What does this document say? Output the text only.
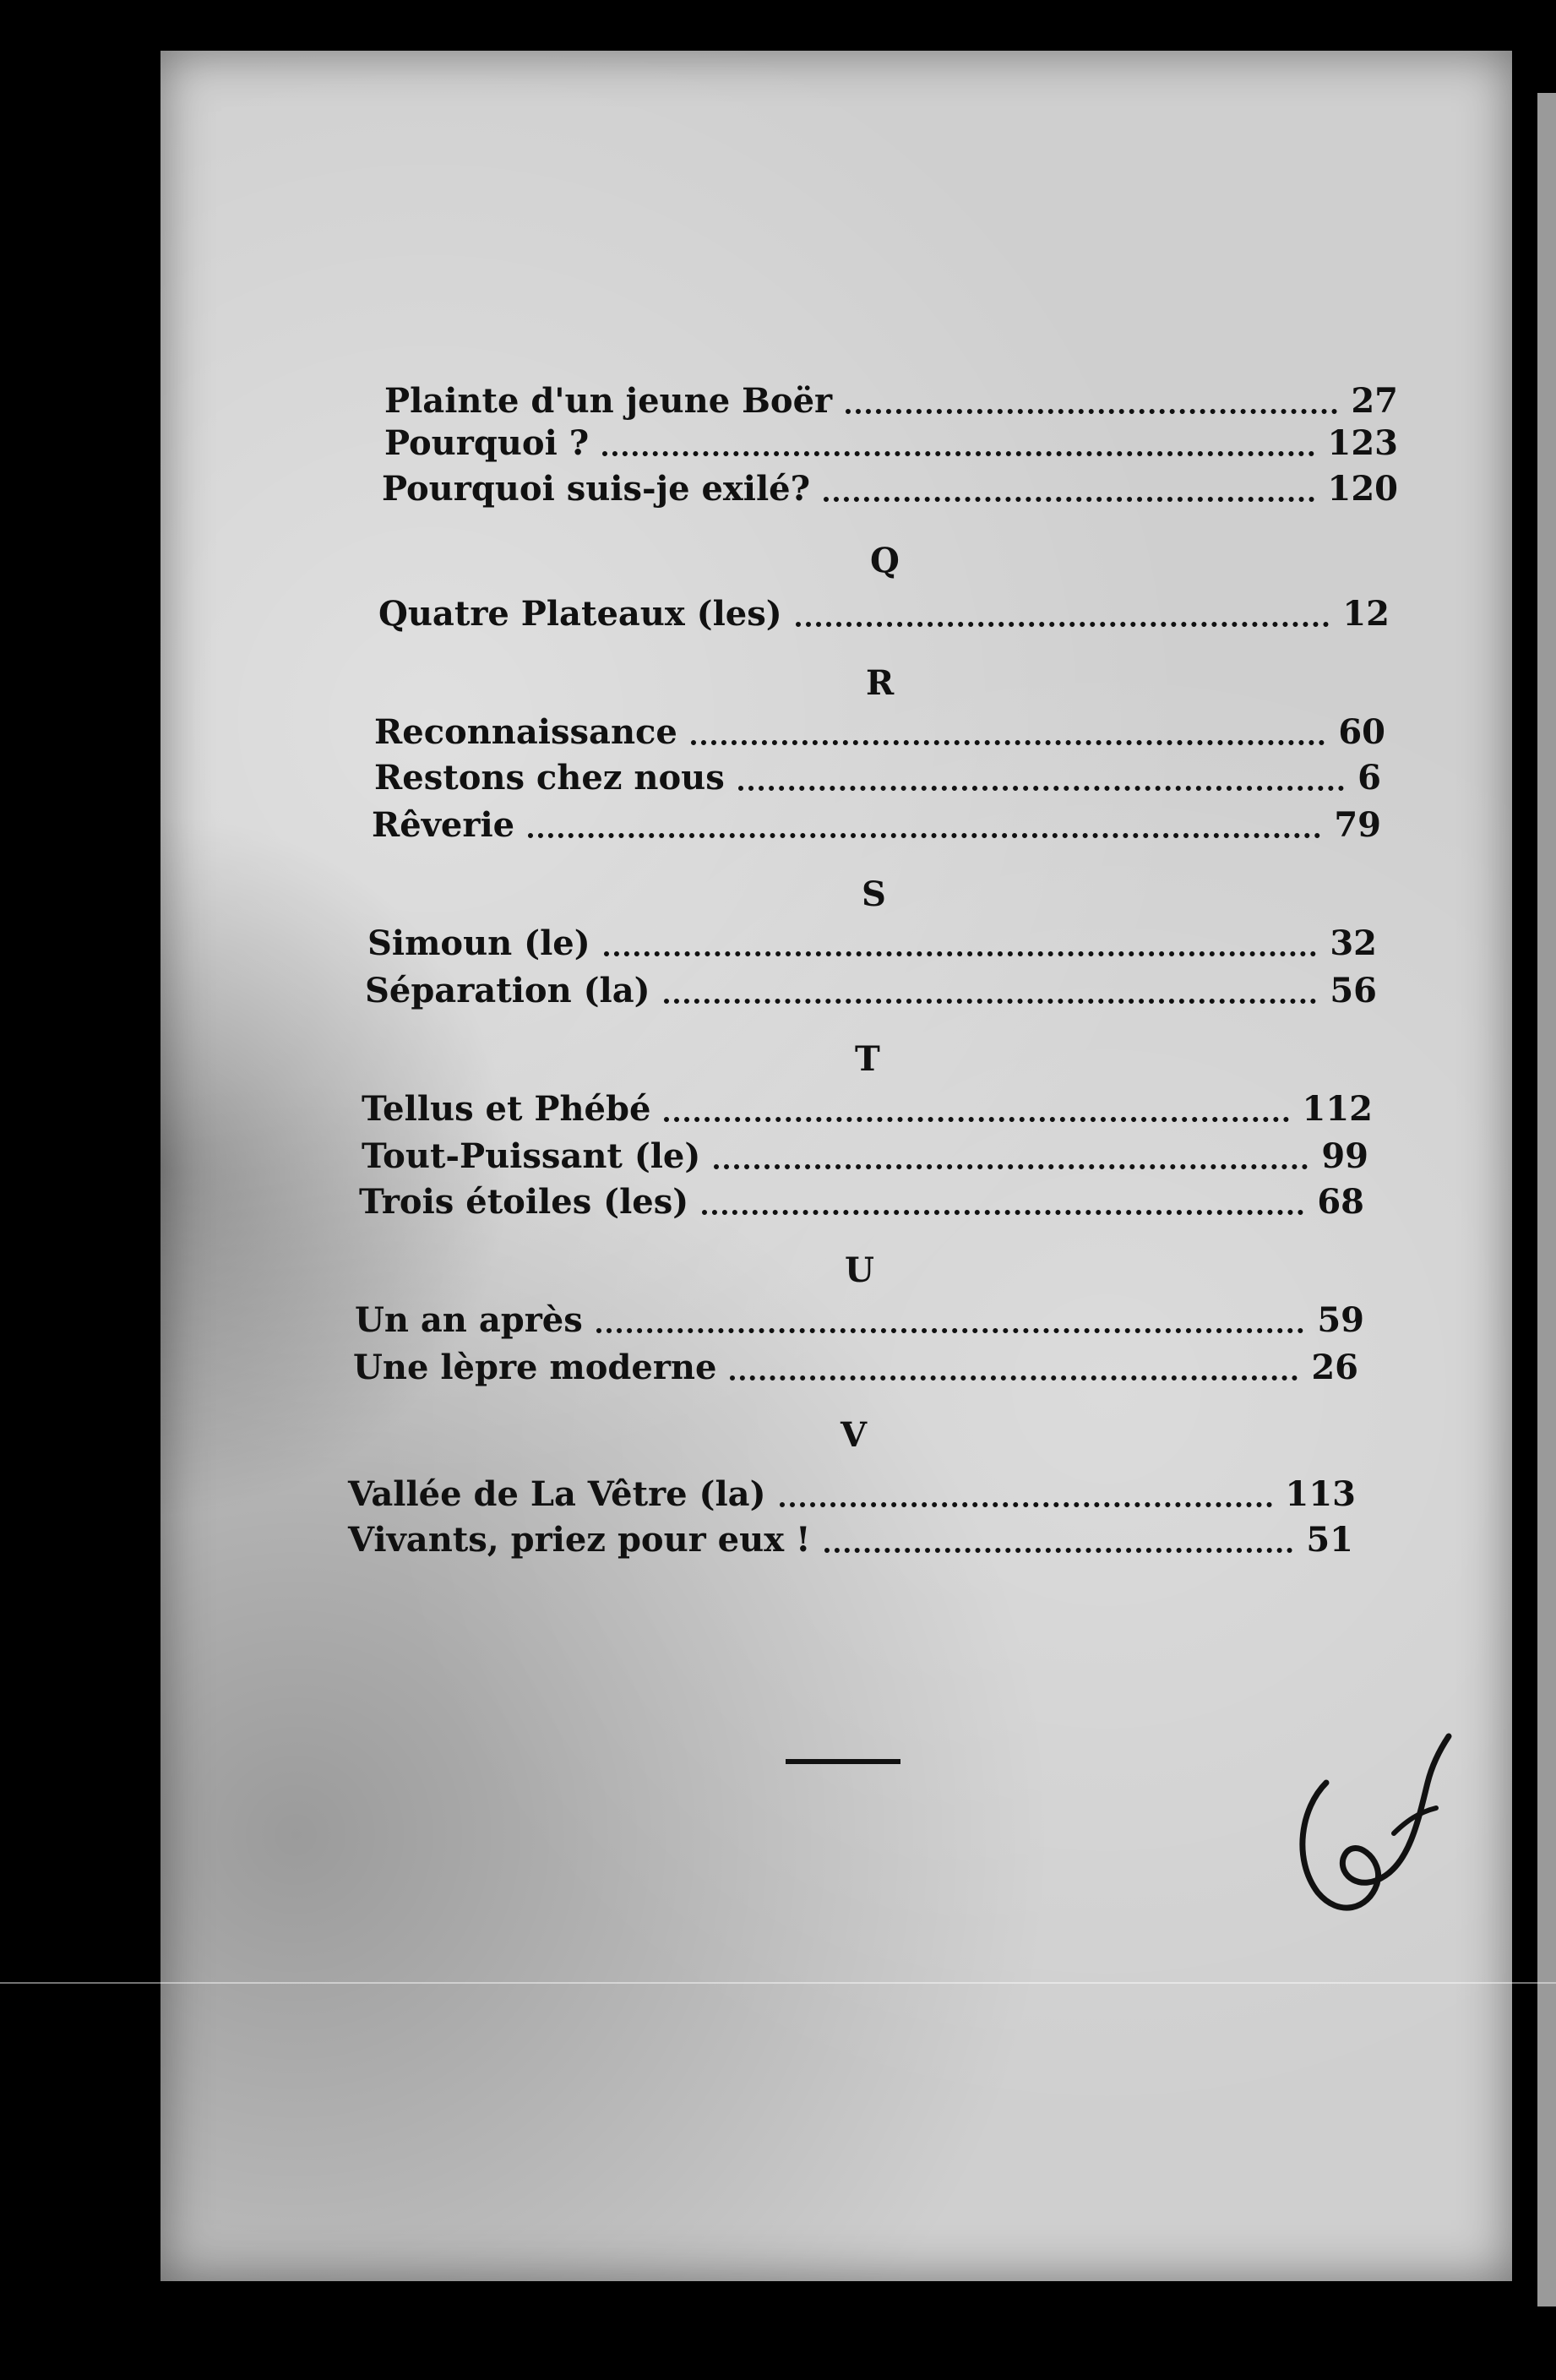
Plainte d'un jeune Boër	27
Pourquoi ?	123
Pourquoi suis-je exilé?	120
Q
Quatre Plateaux (les)	12
R
Reconnaissance	60
Restons chez nous	6
Rêverie	79
S
Simoun (le)	32
Séparation (la)	56
T
Tellus et Phébé	112
Tout-Puissant (le)	99
Trois étoiles (les)	68
U
Un an après	59
Une lèpre moderne	26
V
Vallée de La Vêtre (la)	113
Vivants, priez pour eux !	51
